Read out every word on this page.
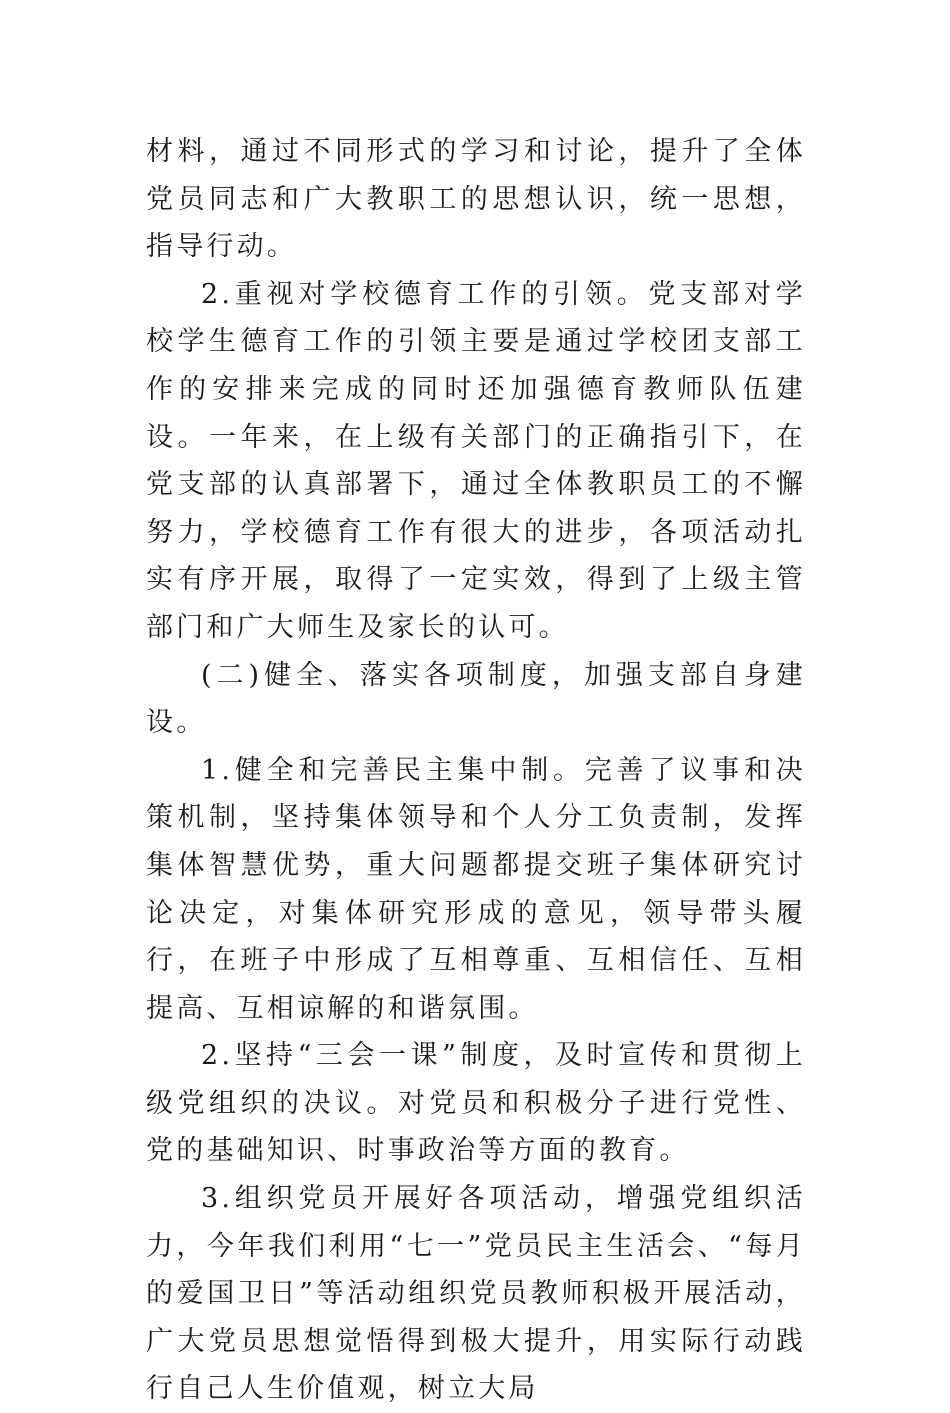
材料，通过不同形式的学习和讨论，提升了全体党员同志和广大教职工的思想认识，统一思想，指导行动。

2.重视对学校德育工作的引领。党支部对学校学生德育工作的引领主要是通过学校团支部工作的安排来完成的同时还加强德育教师队伍建设。一年来，在上级有关部门的正确指引下，在党支部的认真部署下，通过全体教职员工的不懈努力，学校德育工作有很大的进步，各项活动扎实有序开展，取得了一定实效，得到了上级主管部门和广大师生及家长的认可。

(二)健全、落实各项制度，加强支部自身建设。

1.健全和完善民主集中制。完善了议事和决策机制，坚持集体领导和个人分工负责制，发挥集体智慧优势，重大问题都提交班子集体研究讨论决定，对集体研究形成的意见，领导带头履行，在班子中形成了互相尊重、互相信任、互相提高、互相谅解的和谐氛围。

2.坚持“三会一课”制度，及时宣传和贯彻上级党组织的决议。对党员和积极分子进行党性、党的基础知识、时事政治等方面的教育。

3.组织党员开展好各项活动，增强党组织活力，今年我们利用“七一”党员民主生活会、“每月的爱国卫日”等活动组织党员教师积极开展活动，广大党员思想觉悟得到极大提升，用实际行动践行自己人生价值观，树立大局
